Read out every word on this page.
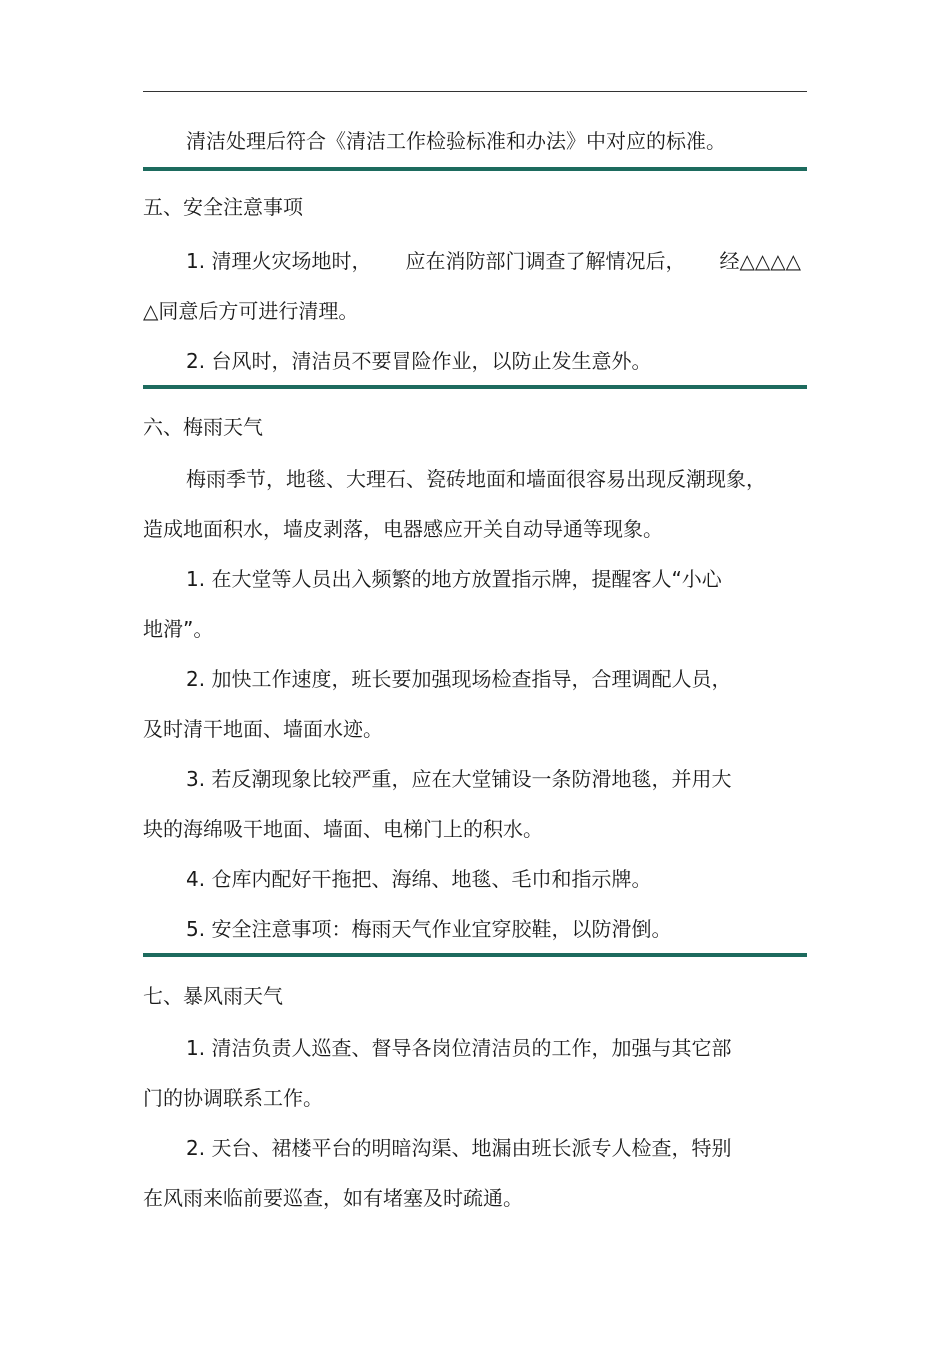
清洁处理后符合《清洁工作检验标准和办法》中对应的标准。
五、安全注意事项
1. 清理火灾场地时， 应在消防部门调查了解情况后， 经△△△△
△同意后方可进行清理。
2. 台风时，清洁员不要冒险作业，以防止发生意外。
六、梅雨天气
梅雨季节，地毯、大理石、瓷砖地面和墙面很容易出现反潮现象，
造成地面积水，墙皮剥落，电器感应开关自动导通等现象。
1. 在大堂等人员出入频繁的地方放置指示牌，提醒客人“小心
地滑”。
2. 加快工作速度，班长要加强现场检查指导，合理调配人员，
及时清干地面、墙面水迹。
3. 若反潮现象比较严重，应在大堂铺设一条防滑地毯，并用大
块的海绵吸干地面、墙面、电梯门上的积水。
4. 仓库内配好干拖把、海绵、地毯、毛巾和指示牌。
5. 安全注意事项：梅雨天气作业宜穿胶鞋，以防滑倒。
七、暴风雨天气
1. 清洁负责人巡查、督导各岗位清洁员的工作，加强与其它部
门的协调联系工作。
2. 天台、裙楼平台的明暗沟渠、地漏由班长派专人检查，特别
在风雨来临前要巡查，如有堵塞及时疏通。
